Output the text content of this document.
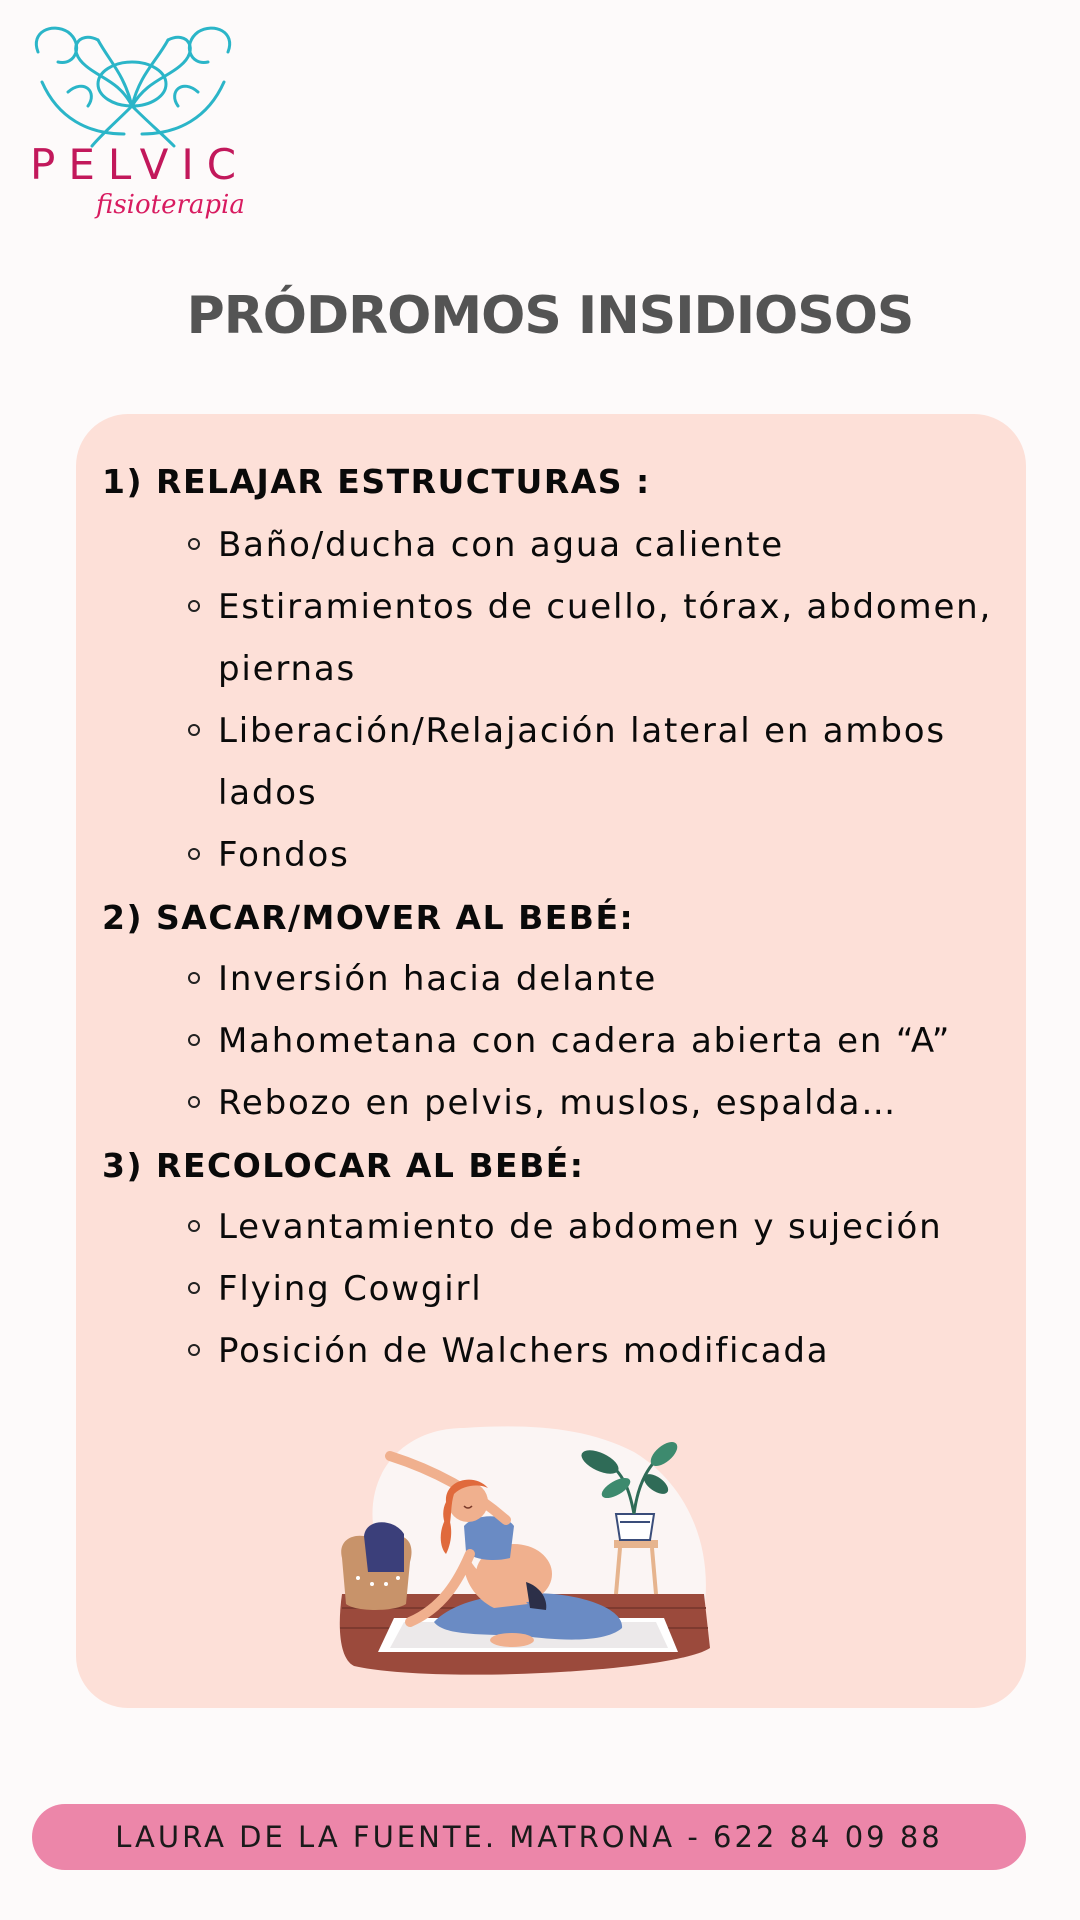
PELVIC
fisioterapia
PRÓDROMOS INSIDIOSOS
1) RELAJAR ESTRUCTURAS :
Baño/ducha con agua caliente
Estiramientos de cuello, tórax, abdomen, piernas
Liberación/Relajación lateral en ambos lados
Fondos
2) SACAR/MOVER AL BEBÉ:
Inversión hacia delante
Mahometana con cadera abierta en “A”
Rebozo en pelvis, muslos, espalda…
3) RECOLOCAR AL BEBÉ:
Levantamiento de abdomen y sujeción
Flying Cowgirl
Posición de Walchers modificada
LAURA DE LA FUENTE. MATRONA - 622 84 09 88
